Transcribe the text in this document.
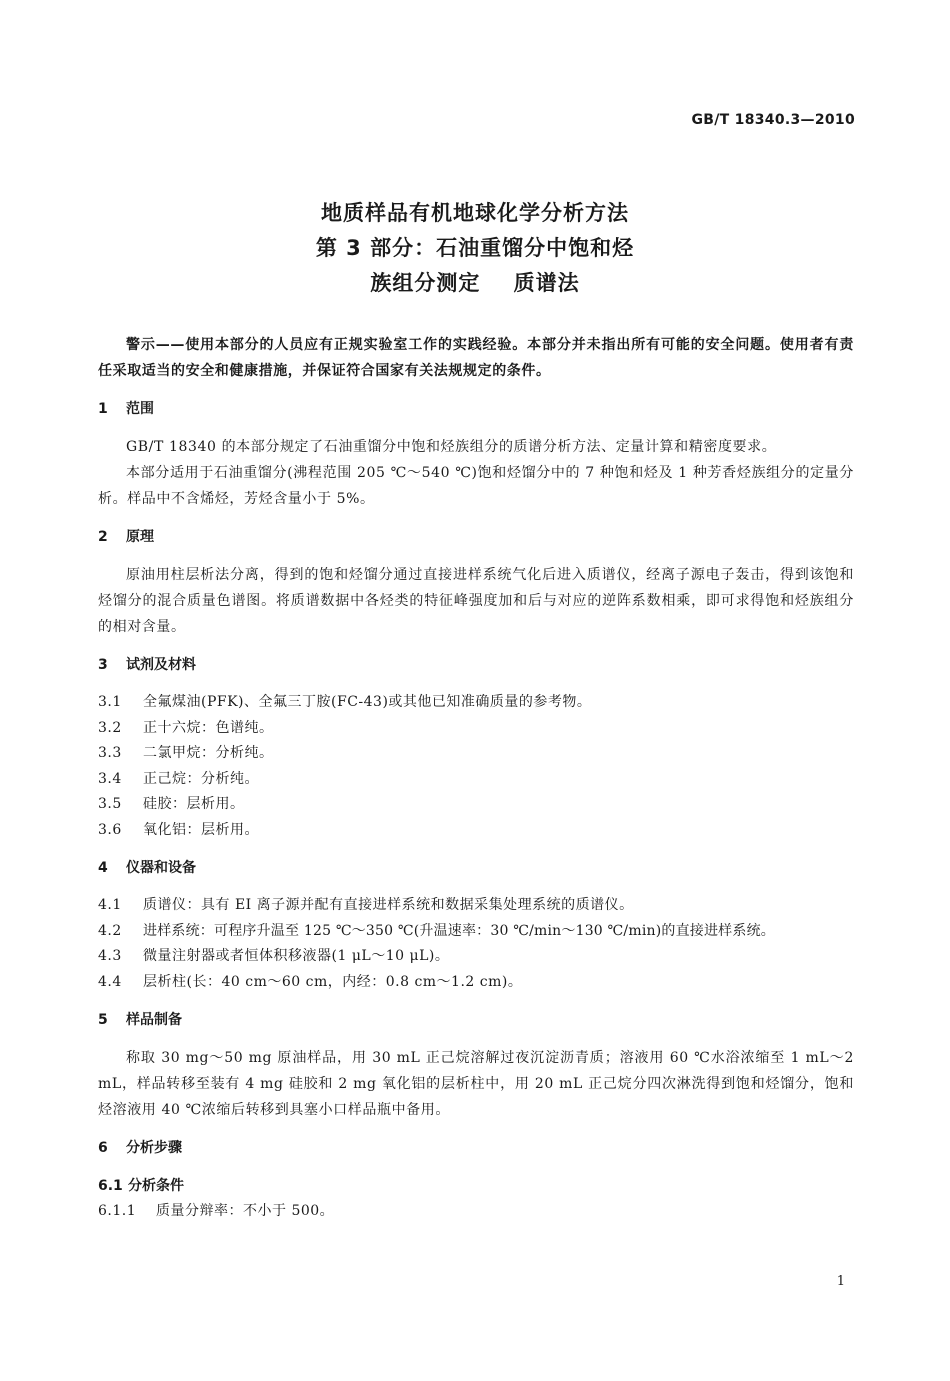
GB/T 18340.3—2010
地质样品有机地球化学分析方法
第 3 部分：石油重馏分中饱和烃
族组分测定    质谱法

警示——使用本部分的人员应有正规实验室工作的实践经验。本部分并未指出所有可能的安全问题。使用者有责任采取适当的安全和健康措施，并保证符合国家有关法规规定的条件。

1 范围

GB/T 18340 的本部分规定了石油重馏分中饱和烃族组分的质谱分析方法、定量计算和精密度要求。

本部分适用于石油重馏分(沸程范围 205 ℃～540 ℃)饱和烃馏分中的 7 种饱和烃及 1 种芳香烃族组分的定量分析。样品中不含烯烃，芳烃含量小于 5%。

2 原理

原油用柱层析法分离，得到的饱和烃馏分通过直接进样系统气化后进入质谱仪，经离子源电子轰击，得到该饱和烃馏分的混合质量色谱图。将质谱数据中各烃类的特征峰强度加和后与对应的逆阵系数相乘，即可求得饱和烃族组分的相对含量。

3 试剂及材料
3.1 全氟煤油(PFK)、全氟三丁胺(FC-43)或其他已知准确质量的参考物。
3.2 正十六烷：色谱纯。
3.3 二氯甲烷：分析纯。
3.4 正己烷：分析纯。
3.5 硅胶：层析用。
3.6 氧化铝：层析用。
4 仪器和设备
4.1 质谱仪：具有 EI 离子源并配有直接进样系统和数据采集处理系统的质谱仪。
4.2 进样系统：可程序升温至 125 ℃～350 ℃(升温速率：30 ℃/min～130 ℃/min)的直接进样系统。
4.3 微量注射器或者恒体积移液器(1 μL～10 μL)。
4.4 层析柱(长：40 cm～60 cm，内经：0.8 cm～1.2 cm)。
5 样品制备

称取 30 mg～50 mg 原油样品，用 30 mL 正己烷溶解过夜沉淀沥青质；溶液用 60 ℃水浴浓缩至 1 mL～2 mL，样品转移至装有 4 mg 硅胶和 2 mg 氧化铝的层析柱中，用 20 mL 正己烷分四次淋洗得到饱和烃馏分，饱和烃溶液用 40 ℃浓缩后转移到具塞小口样品瓶中备用。

6 分析步骤
6.1 分析条件
6.1.1 质量分辩率：不小于 500。
1
